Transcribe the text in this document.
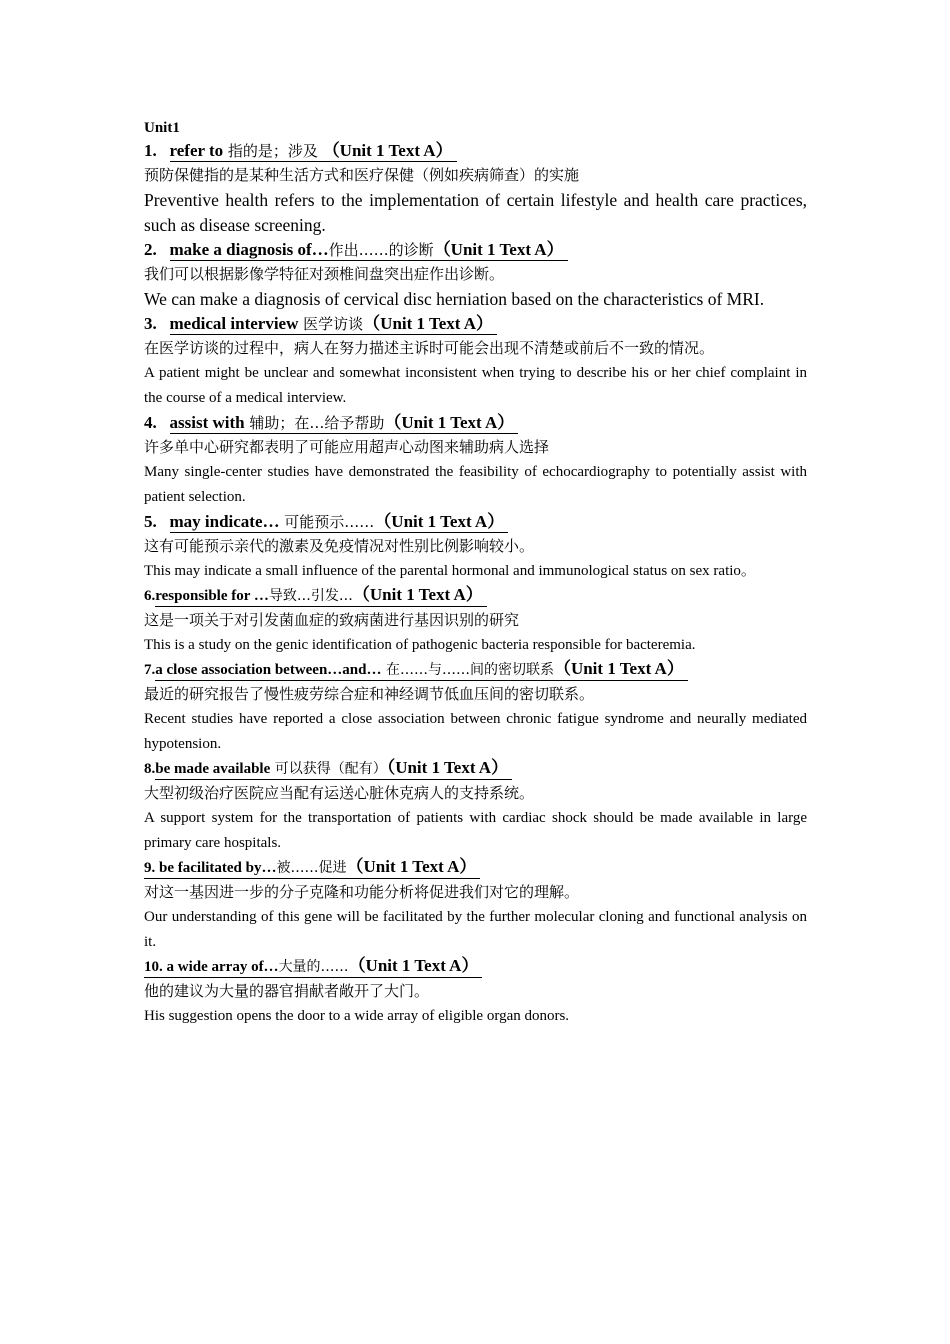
Unit1

1. refer to 指的是；涉及 （Unit 1 Text A）

预防保健指的是某种生活方式和医疗保健（例如疾病筛查）的实施

Preventive health refers to the implementation of certain lifestyle and health care practices, such as disease screening.

2. make a diagnosis of…作出……的诊断（Unit 1 Text A）

我们可以根据影像学特征对颈椎间盘突出症作出诊断。

We can make a diagnosis of cervical disc herniation based on the characteristics of MRI.

3. medical interview 医学访谈（Unit 1 Text A）

在医学访谈的过程中，病人在努力描述主诉时可能会出现不清楚或前后不一致的情况。

A patient might be unclear and somewhat inconsistent when trying to describe his or her chief complaint in the course of a medical interview.

4. assist with 辅助；在…给予帮助（Unit 1 Text A）

许多单中心研究都表明了可能应用超声心动图来辅助病人选择

Many single-center studies have demonstrated the feasibility of echocardiography to potentially assist with patient selection.

5. may indicate… 可能预示……（Unit 1 Text A）

这有可能预示亲代的激素及免疫情况对性别比例影响较小。

This may indicate a small influence of the parental hormonal and immunological status on sex ratio。

6.responsible for …导致…引发…（Unit 1 Text A）

这是一项关于对引发菌血症的致病菌进行基因识别的研究

This is a study on the genic identification of pathogenic bacteria responsible for bacteremia.

7.a close association between…and… 在……与……间的密切联系（Unit 1 Text A）

最近的研究报告了慢性疲劳综合症和神经调节低血压间的密切联系。

Recent studies have reported a close association between chronic fatigue syndrome and neurally mediated hypotension.

8.be made available 可以获得（配有）（Unit 1 Text A）

大型初级治疗医院应当配有运送心脏休克病人的支持系统。

A support system for the transportation of patients with cardiac shock should be made available in large primary care hospitals.

9. be facilitated by…被……促进（Unit 1 Text A）

对这一基因进一步的分子克隆和功能分析将促进我们对它的理解。

Our understanding of this gene will be facilitated by the further molecular cloning and functional analysis on it.

10. a wide array of…大量的……（Unit 1 Text A）

他的建议为大量的器官捐献者敞开了大门。

His suggestion opens the door to a wide array of eligible organ donors.
